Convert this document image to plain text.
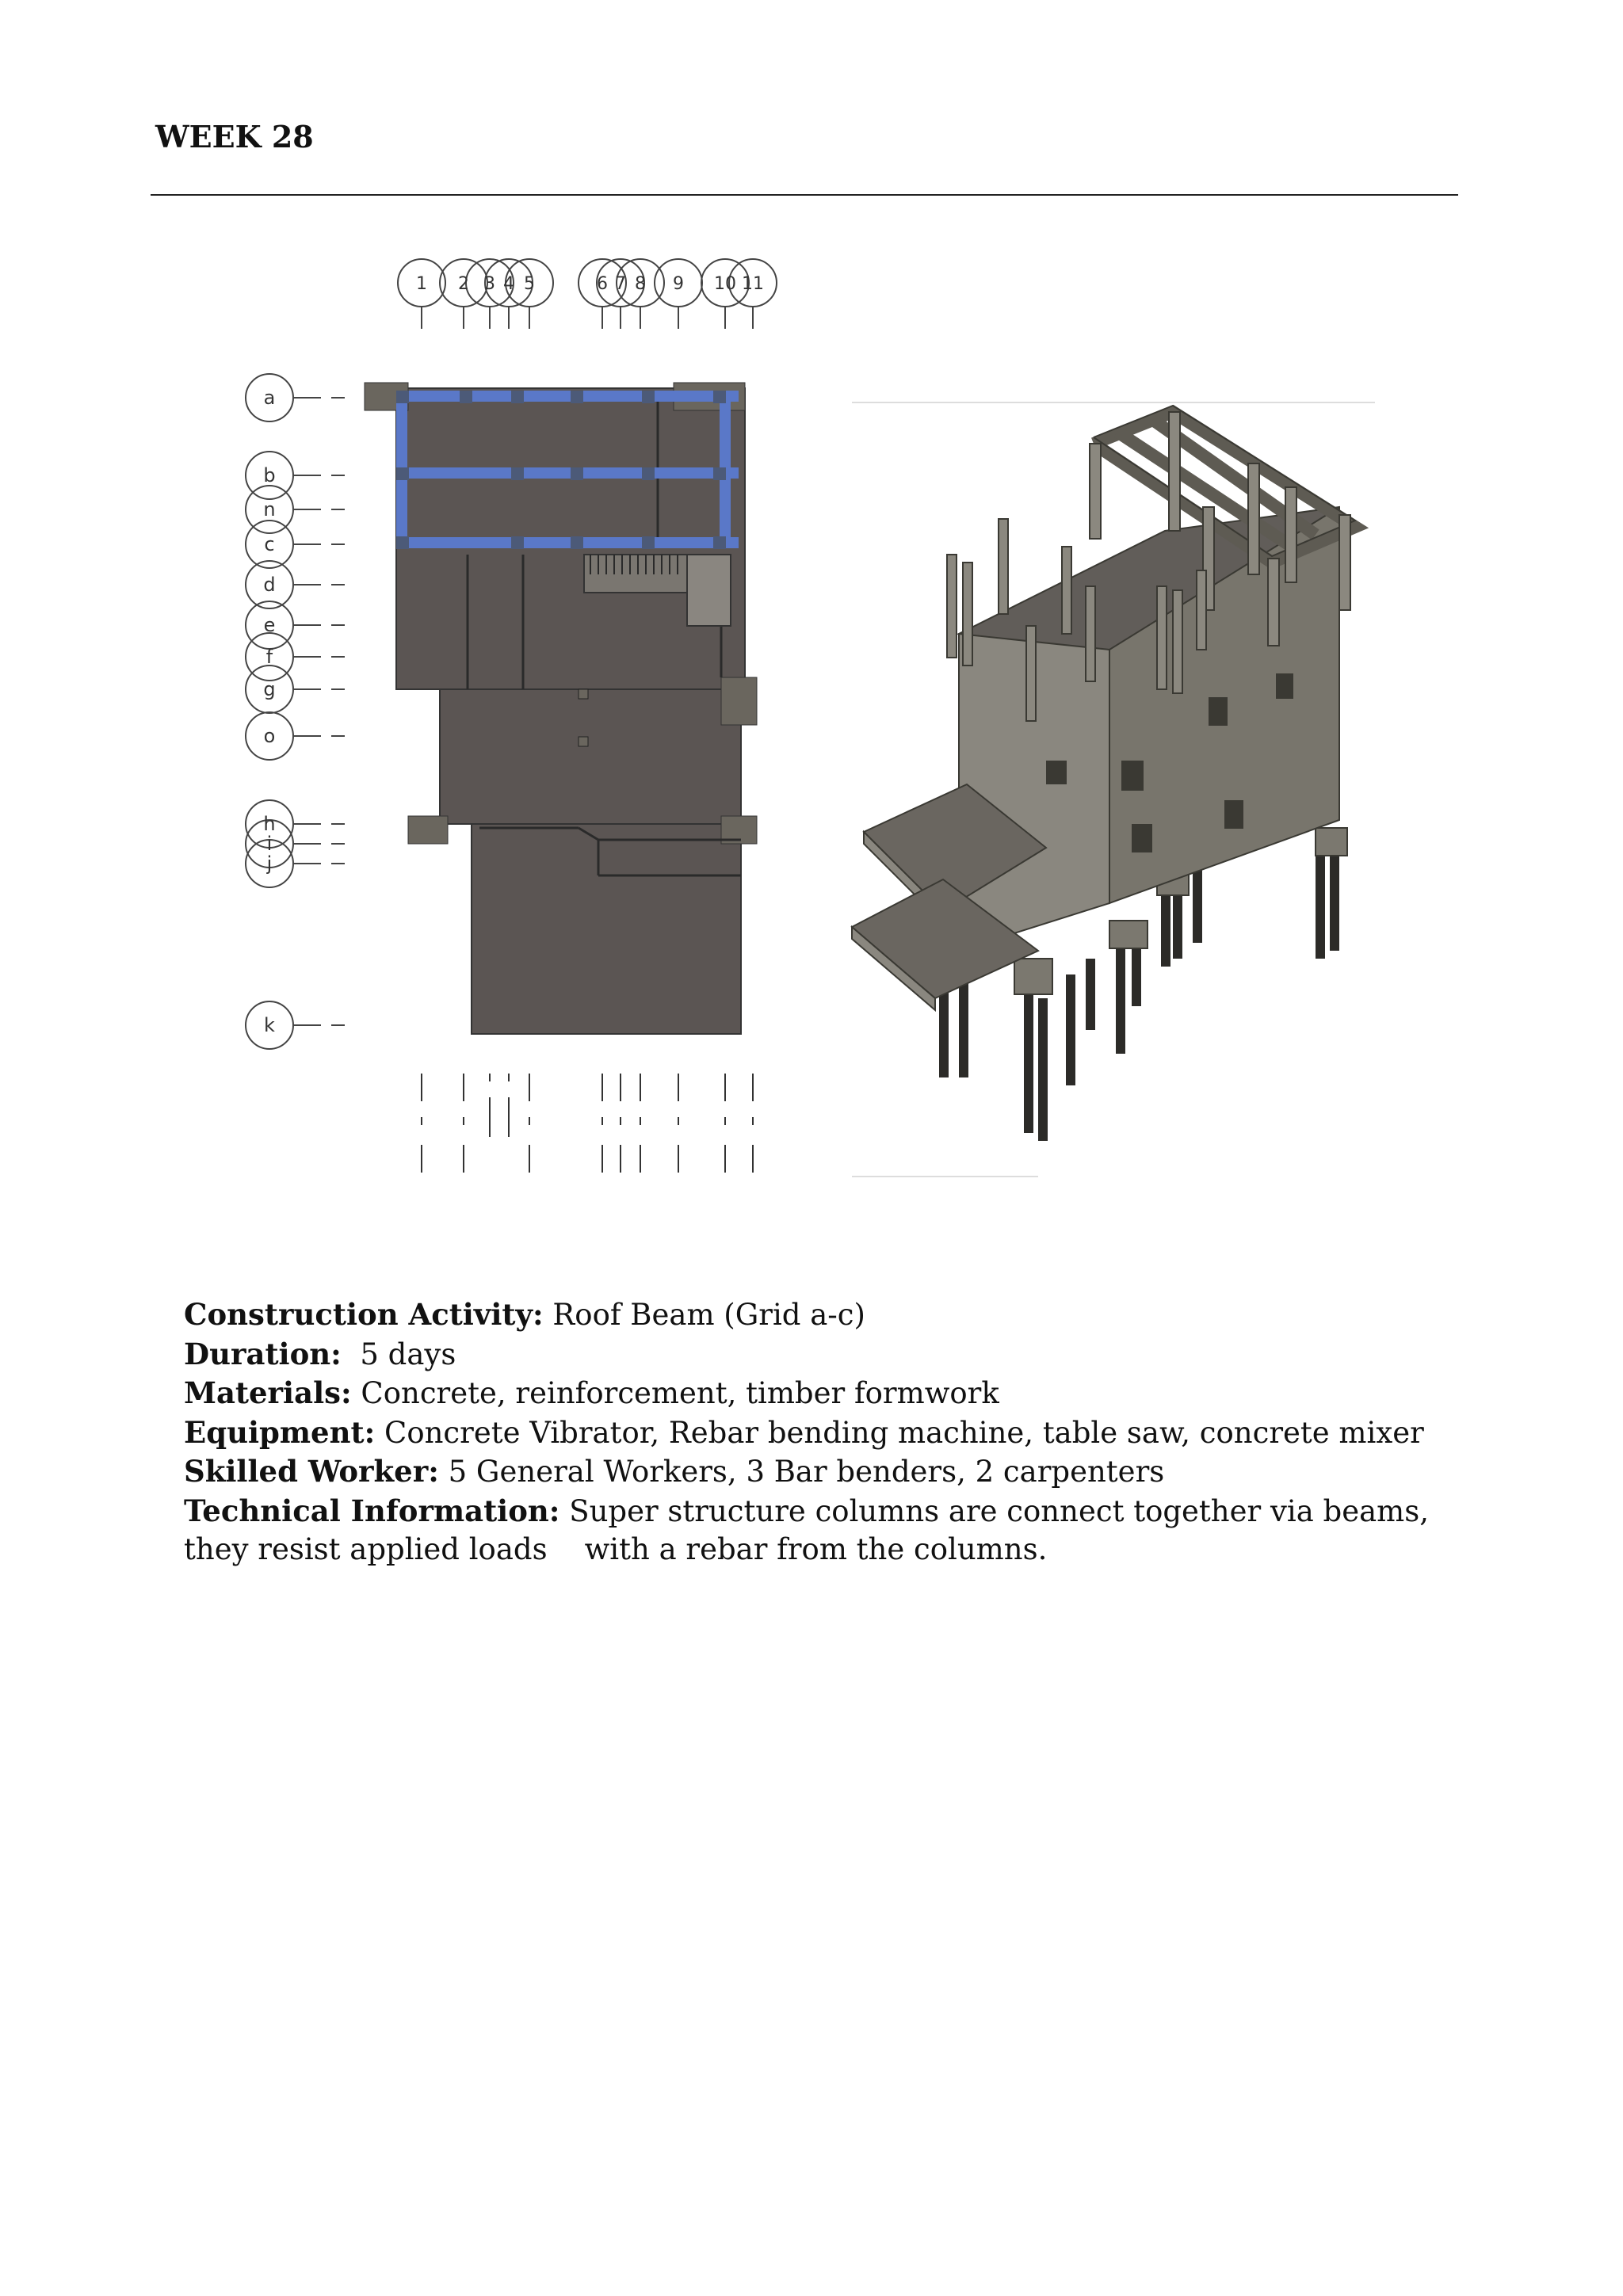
WEEK 28
1 2 3 4 5	6 7 8 9 10 11
a
b
n
c
d
e
f
g
o
h
i
j
k
Construction Activity: Roof Beam (Grid a-c)
Duration:  5 days
Materials: Concrete, reinforcement, timber formwork
Equipment: Concrete Vibrator, Rebar bending machine, table saw, concrete mixer
Skilled Worker: 5 General Workers, 3 Bar benders, 2 carpenters
Technical Information: Super structure columns are connect together via beams, they resist applied loads    with a rebar from the columns.
